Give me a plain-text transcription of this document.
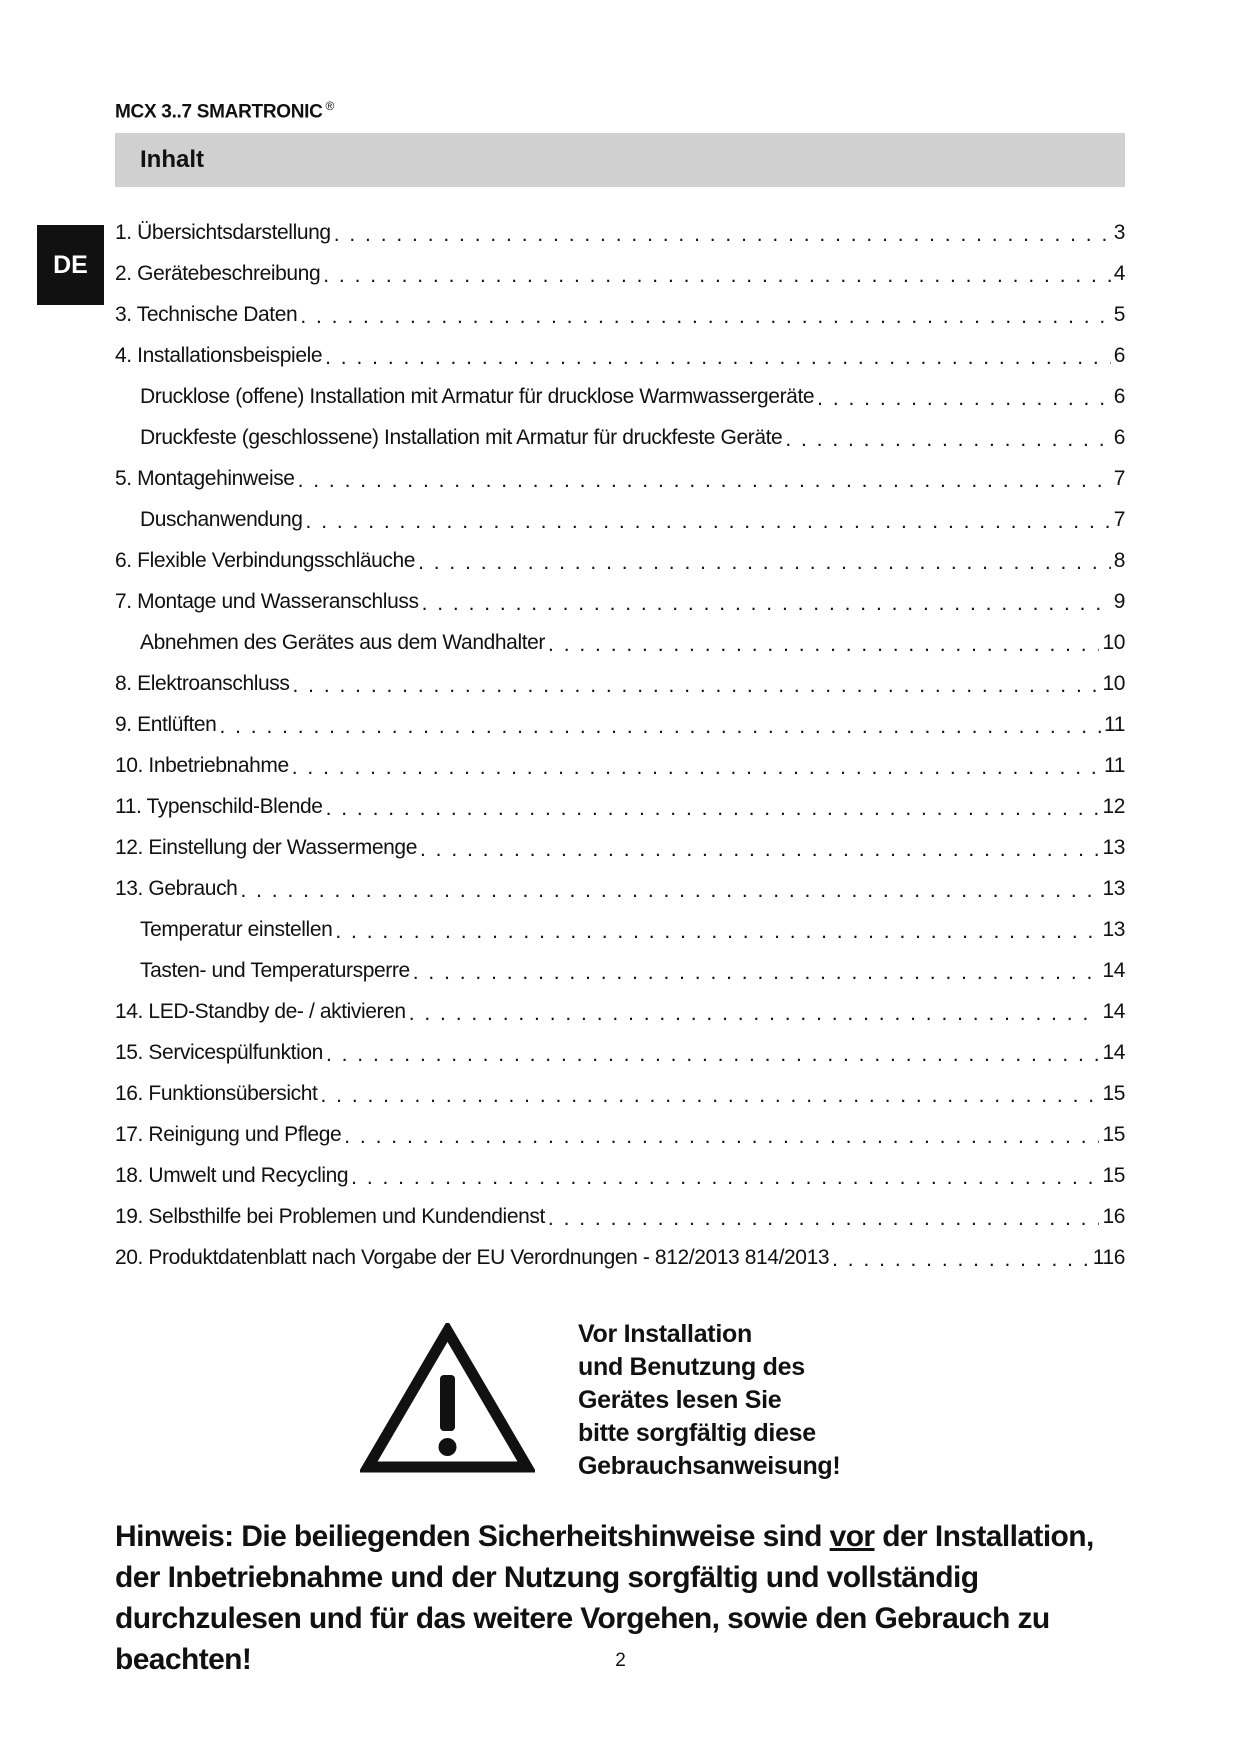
MCX 3..7 SMARTRONIC ®
Inhalt
DE
1. Übersichtsdarstellung . . .	3
2. Gerätebeschreibung . . .	4
3. Technische Daten . . .	5
4. Installationsbeispiele . . .	6
Drucklose (offene) Installation mit Armatur für drucklose Warmwassergeräte . . .	6
Druckfeste (geschlossene) Installation mit Armatur für druckfeste Geräte . . .	6
5. Montagehinweise . . .	7
Duschanwendung . . .	7
6. Flexible Verbindungsschläuche . . .	8
7. Montage und Wasseranschluss . . .	9
Abnehmen des Gerätes aus dem Wandhalter . . .	10
8. Elektroanschluss . . .	10
9. Entlüften . . .	11
10. Inbetriebnahme . . .	11
11. Typenschild-Blende . . .	12
12. Einstellung der Wassermenge . . .	13
13. Gebrauch . . .	13
Temperatur einstellen . . .	13
Tasten- und Temperatursperre . . .	14
14. LED-Standby de- / aktivieren . . .	14
15. Servicespülfunktion . . .	14
16. Funktionsübersicht . . .	15
17. Reinigung und Pflege . . .	15
18. Umwelt und Recycling . . .	15
19. Selbsthilfe bei Problemen und Kundendienst . . .	16
20. Produktdatenblatt nach Vorgabe der EU Verordnungen - 812/2013 814/2013 . . .	116
Vor Installation
und Benutzung des
Gerätes lesen Sie
bitte sorgfältig diese
Gebrauchsanweisung!
Hinweis: Die beiliegenden Sicherheitshinweise sind vor der Installation, der Inbetriebnahme und der Nutzung sorgfältig und vollständig durchzulesen und für das weitere Vorgehen, sowie den Gebrauch zu beachten!	2
